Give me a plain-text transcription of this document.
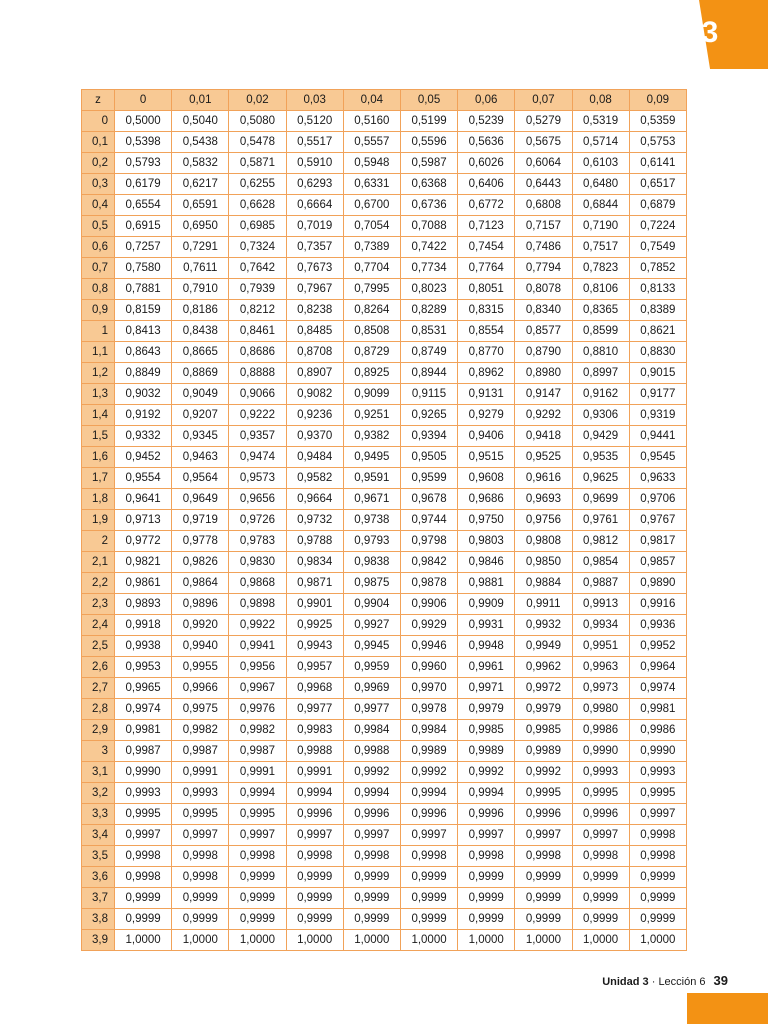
3
z	0	0,01	0,02	0,03	0,04	0,05	0,06	0,07	0,08	0,09
0	0,5000	0,5040	0,5080	0,5120	0,5160	0,5199	0,5239	0,5279	0,5319	0,5359
0,1	0,5398	0,5438	0,5478	0,5517	0,5557	0,5596	0,5636	0,5675	0,5714	0,5753
0,2	0,5793	0,5832	0,5871	0,5910	0,5948	0,5987	0,6026	0,6064	0,6103	0,6141
0,3	0,6179	0,6217	0,6255	0,6293	0,6331	0,6368	0,6406	0,6443	0,6480	0,6517
0,4	0,6554	0,6591	0,6628	0,6664	0,6700	0,6736	0,6772	0,6808	0,6844	0,6879
0,5	0,6915	0,6950	0,6985	0,7019	0,7054	0,7088	0,7123	0,7157	0,7190	0,7224
0,6	0,7257	0,7291	0,7324	0,7357	0,7389	0,7422	0,7454	0,7486	0,7517	0,7549
0,7	0,7580	0,7611	0,7642	0,7673	0,7704	0,7734	0,7764	0,7794	0,7823	0,7852
0,8	0,7881	0,7910	0,7939	0,7967	0,7995	0,8023	0,8051	0,8078	0,8106	0,8133
0,9	0,8159	0,8186	0,8212	0,8238	0,8264	0,8289	0,8315	0,8340	0,8365	0,8389
1	0,8413	0,8438	0,8461	0,8485	0,8508	0,8531	0,8554	0,8577	0,8599	0,8621
1,1	0,8643	0,8665	0,8686	0,8708	0,8729	0,8749	0,8770	0,8790	0,8810	0,8830
1,2	0,8849	0,8869	0,8888	0,8907	0,8925	0,8944	0,8962	0,8980	0,8997	0,9015
1,3	0,9032	0,9049	0,9066	0,9082	0,9099	0,9115	0,9131	0,9147	0,9162	0,9177
1,4	0,9192	0,9207	0,9222	0,9236	0,9251	0,9265	0,9279	0,9292	0,9306	0,9319
1,5	0,9332	0,9345	0,9357	0,9370	0,9382	0,9394	0,9406	0,9418	0,9429	0,9441
1,6	0,9452	0,9463	0,9474	0,9484	0,9495	0,9505	0,9515	0,9525	0,9535	0,9545
1,7	0,9554	0,9564	0,9573	0,9582	0,9591	0,9599	0,9608	0,9616	0,9625	0,9633
1,8	0,9641	0,9649	0,9656	0,9664	0,9671	0,9678	0,9686	0,9693	0,9699	0,9706
1,9	0,9713	0,9719	0,9726	0,9732	0,9738	0,9744	0,9750	0,9756	0,9761	0,9767
2	0,9772	0,9778	0,9783	0,9788	0,9793	0,9798	0,9803	0,9808	0,9812	0,9817
2,1	0,9821	0,9826	0,9830	0,9834	0,9838	0,9842	0,9846	0,9850	0,9854	0,9857
2,2	0,9861	0,9864	0,9868	0,9871	0,9875	0,9878	0,9881	0,9884	0,9887	0,9890
2,3	0,9893	0,9896	0,9898	0,9901	0,9904	0,9906	0,9909	0,9911	0,9913	0,9916
2,4	0,9918	0,9920	0,9922	0,9925	0,9927	0,9929	0,9931	0,9932	0,9934	0,9936
2,5	0,9938	0,9940	0,9941	0,9943	0,9945	0,9946	0,9948	0,9949	0,9951	0,9952
2,6	0,9953	0,9955	0,9956	0,9957	0,9959	0,9960	0,9961	0,9962	0,9963	0,9964
2,7	0,9965	0,9966	0,9967	0,9968	0,9969	0,9970	0,9971	0,9972	0,9973	0,9974
2,8	0,9974	0,9975	0,9976	0,9977	0,9977	0,9978	0,9979	0,9979	0,9980	0,9981
2,9	0,9981	0,9982	0,9982	0,9983	0,9984	0,9984	0,9985	0,9985	0,9986	0,9986
3	0,9987	0,9987	0,9987	0,9988	0,9988	0,9989	0,9989	0,9989	0,9990	0,9990
3,1	0,9990	0,9991	0,9991	0,9991	0,9992	0,9992	0,9992	0,9992	0,9993	0,9993
3,2	0,9993	0,9993	0,9994	0,9994	0,9994	0,9994	0,9994	0,9995	0,9995	0,9995
3,3	0,9995	0,9995	0,9995	0,9996	0,9996	0,9996	0,9996	0,9996	0,9996	0,9997
3,4	0,9997	0,9997	0,9997	0,9997	0,9997	0,9997	0,9997	0,9997	0,9997	0,9998
3,5	0,9998	0,9998	0,9998	0,9998	0,9998	0,9998	0,9998	0,9998	0,9998	0,9998
3,6	0,9998	0,9998	0,9999	0,9999	0,9999	0,9999	0,9999	0,9999	0,9999	0,9999
3,7	0,9999	0,9999	0,9999	0,9999	0,9999	0,9999	0,9999	0,9999	0,9999	0,9999
3,8	0,9999	0,9999	0,9999	0,9999	0,9999	0,9999	0,9999	0,9999	0,9999	0,9999
3,9	1,0000	1,0000	1,0000	1,0000	1,0000	1,0000	1,0000	1,0000	1,0000	1,0000
Unidad 3 · Lección 6 39
